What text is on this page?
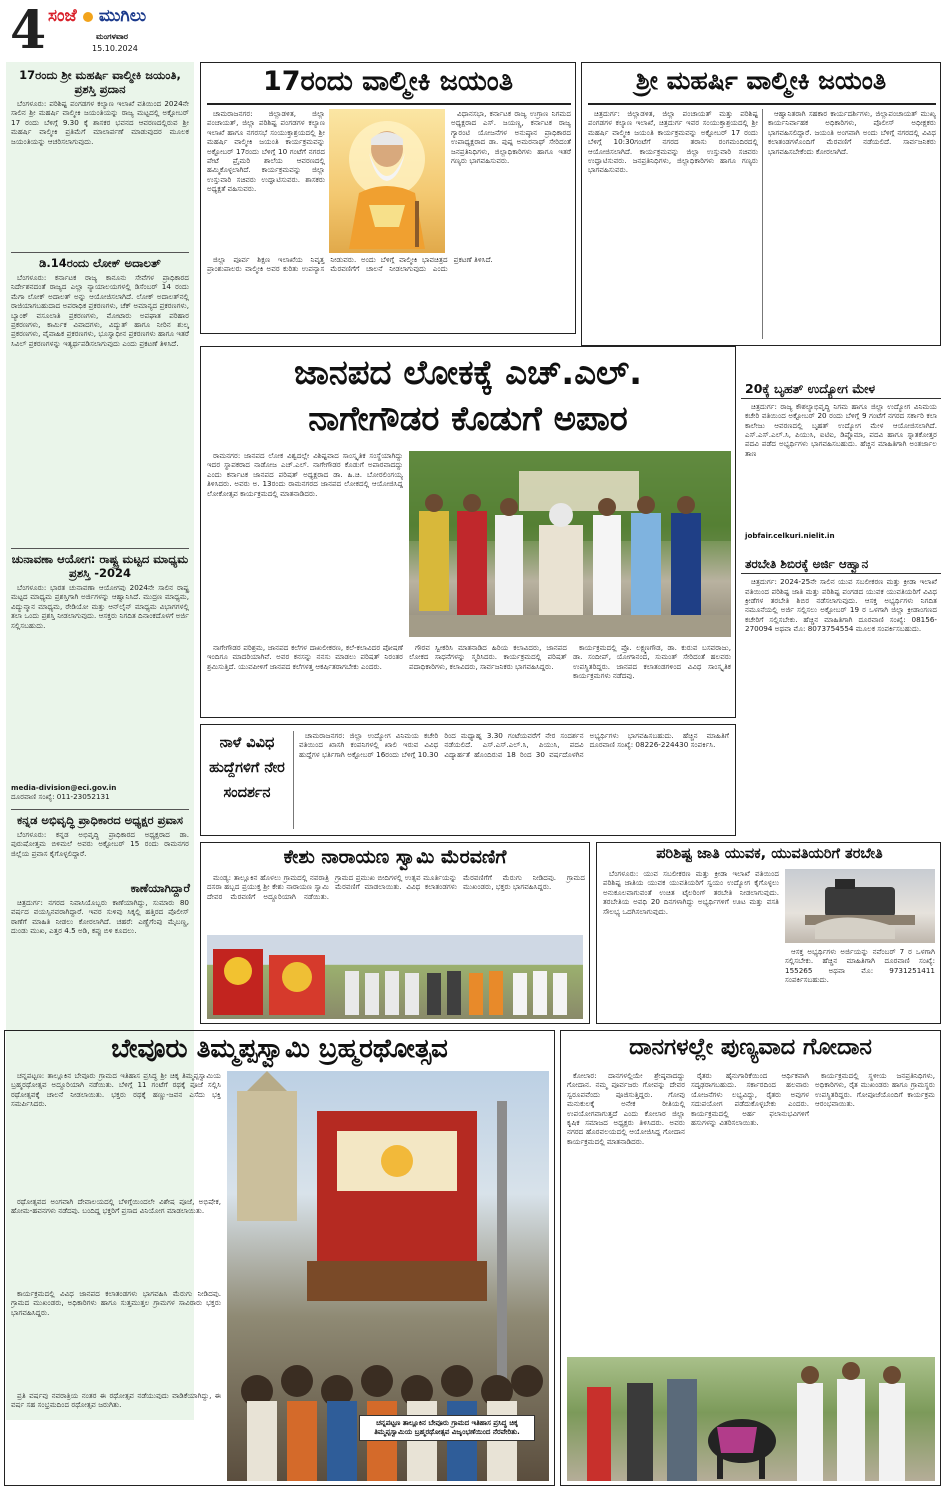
4 ಸಂಜೆ ಮುಗಿಲು
ಮಂಗಳವಾರ
15.10.2024
17ರಂದು ಶ್ರೀ ಮಹರ್ಷಿ ವಾಲ್ಮೀಕಿ ಜಯಂತಿ, ಪ್ರಶಸ್ತಿ ಪ್ರದಾನ

ಬೆಂಗಳೂರು: ಪರಿಶಿಷ್ಟ ಪಂಗಡಗಳ ಕಲ್ಯಾಣ ಇಲಾಖೆ ವತಿಯಿಂದ 2024ನೇ ಸಾಲಿನ ಶ್ರೀ ಮಹರ್ಷಿ ವಾಲ್ಮೀಕಿ ಜಯಂತಿಯನ್ನು ರಾಜ್ಯ ಮಟ್ಟದಲ್ಲಿ ಅಕ್ಟೋಬರ್ 17 ರಂದು ಬೆಳಿಗ್ಗೆ 9.30 ಕ್ಕೆ ಶಾಸಕರ ಭವನದ ಆವರಣದಲ್ಲಿರುವ ಶ್ರೀ ಮಹರ್ಷಿ ವಾಲ್ಮೀಕಿ ಪ್ರತಿಮೆಗೆ ಮಾಲಾರ್ಪಣೆ ಮಾಡುವುದರ ಮೂಲಕ ಜಯಂತಿಯನ್ನು ಆಚರಿಸಲಾಗುವುದು.

ಡಿ.14ರಂದು ಲೋಕ್ ಅದಾಲತ್

ಬೆಂಗಳೂರು: ಕರ್ನಾಟಕ ರಾಜ್ಯ ಕಾನೂನು ಸೇವೆಗಳ ಪ್ರಾಧಿಕಾರದ ನಿರ್ದೇಶನದಂತೆ ರಾಜ್ಯದ ಎಲ್ಲಾ ನ್ಯಾಯಾಲಯಗಳಲ್ಲಿ ಡಿಸೆಂಬರ್ 14 ರಂದು ಮೆಗಾ ಲೋಕ್ ಅದಾಲತ್ ಅನ್ನು ಆಯೋಜಿಸಲಾಗಿದೆ. ಲೋಕ್ ಅದಾಲತ್‌ನಲ್ಲಿ ರಾಜಿಯಾಗಬಹುದಾದ ಅಪರಾಧಿಕ ಪ್ರಕರಣಗಳು, ಚೆಕ್ ಅಮಾನ್ಯದ ಪ್ರಕರಣಗಳು, ಬ್ಯಾಂಕ್ ವಸೂಲಾತಿ ಪ್ರಕರಣಗಳು, ಮೋಟಾರು ಅಪಘಾತ ಪರಿಹಾರ ಪ್ರಕರಣಗಳು, ಕಾರ್ಮಿಕ ವಿವಾದಗಳು, ವಿದ್ಯುತ್ ಹಾಗೂ ನೀರಿನ ಶುಲ್ಕ ಪ್ರಕರಣಗಳು, ವೈವಾಹಿಕ ಪ್ರಕರಣಗಳು, ಭೂಸ್ವಾಧೀನ ಪ್ರಕರಣಗಳು ಹಾಗೂ ಇತರೆ ಸಿವಿಲ್ ಪ್ರಕರಣಗಳನ್ನು ಇತ್ಯರ್ಥಪಡಿಸಲಾಗುವುದು ಎಂದು ಪ್ರಕಟಣೆ ತಿಳಿಸಿದೆ.

ಚುನಾವಣಾ ಆಯೋಗ: ರಾಷ್ಟ್ರ ಮಟ್ಟದ ಮಾಧ್ಯಮ ಪ್ರಶಸ್ತಿ -2024

ಬೆಂಗಳೂರು: ಭಾರತ ಚುನಾವಣಾ ಆಯೋಗವು 2024ನೇ ಸಾಲಿನ ರಾಷ್ಟ್ರ ಮಟ್ಟದ ಮಾಧ್ಯಮ ಪ್ರಶಸ್ತಿಗಾಗಿ ಅರ್ಜಿಗಳನ್ನು ಆಹ್ವಾನಿಸಿದೆ. ಮುದ್ರಣ ಮಾಧ್ಯಮ, ವಿದ್ಯುನ್ಮಾನ ಮಾಧ್ಯಮ, ರೇಡಿಯೋ ಮತ್ತು ಆನ್‌ಲೈನ್ ಮಾಧ್ಯಮ ವಿಭಾಗಗಳಲ್ಲಿ ತಲಾ ಒಂದು ಪ್ರಶಸ್ತಿ ನೀಡಲಾಗುವುದು. ಆಸಕ್ತರು ನಿಗದಿತ ದಿನಾಂಕದೊಳಗೆ ಅರ್ಜಿ ಸಲ್ಲಿಸಬಹುದು.

media-division@eci.gov.in
ದೂರವಾಣಿ ಸಂಖ್ಯೆ: 011-23052131
ಕನ್ನಡ ಅಭಿವೃದ್ಧಿ ಪ್ರಾಧಿಕಾರದ ಅಧ್ಯಕ್ಷರ ಪ್ರವಾಸ

ಬೆಂಗಳೂರು: ಕನ್ನಡ ಅಭಿವೃದ್ಧಿ ಪ್ರಾಧಿಕಾರದ ಅಧ್ಯಕ್ಷರಾದ ಡಾ. ಪುರುಷೋತ್ತಮ ಬಿಳಿಮಲೆ ಅವರು ಅಕ್ಟೋಬರ್ 15 ರಂದು ರಾಮನಗರ ಜಿಲ್ಲೆಯ ಪ್ರವಾಸ ಕೈಗೊಳ್ಳಲಿದ್ದಾರೆ.

ಕಾಣೆಯಾಗಿದ್ದಾರೆ

ಚಿತ್ರದುರ್ಗ: ನಗರದ ನಿವಾಸಿಯೊಬ್ಬರು ಕಾಣೆಯಾಗಿದ್ದು, ಸುಮಾರು 80 ವರ್ಷದ ವಯಸ್ಸಿನವರಾಗಿದ್ದಾರೆ. ಇವರ ಸುಳಿವು ಸಿಕ್ಕಲ್ಲಿ ಹತ್ತಿರದ ಪೊಲೀಸ್ ಠಾಣೆಗೆ ಮಾಹಿತಿ ನೀಡಲು ಕೋರಲಾಗಿದೆ. ಚಹರೆ: ಎಣ್ಣೆಗೆಂಪು ಮೈಬಣ್ಣ, ದುಂಡು ಮುಖ, ಎತ್ತರ 4.5 ಅಡಿ, ಕಪ್ಪು ಬಿಳಿ ಕೂದಲು.

17ರಂದು ವಾಲ್ಮೀಕಿ ಜಯಂತಿ

ಚಾಮರಾಜನಗರ: ಜಿಲ್ಲಾಡಳಿತ, ಜಿಲ್ಲಾ ಪಂಚಾಯತ್, ಜಿಲ್ಲಾ ಪರಿಶಿಷ್ಟ ಪಂಗಡಗಳ ಕಲ್ಯಾಣ ಇಲಾಖೆ ಹಾಗೂ ನಗರಸಭೆ ಸಂಯುಕ್ತಾಶ್ರಯದಲ್ಲಿ ಶ್ರೀ ಮಹರ್ಷಿ ವಾಲ್ಮೀಕಿ ಜಯಂತಿ ಕಾರ್ಯಕ್ರಮವನ್ನು ಅಕ್ಟೋಬರ್ 17ರಂದು ಬೆಳಿಗ್ಗೆ 10 ಗಂಟೆಗೆ ನಗರದ ಪೇಟೆ ಪ್ರೈಮರಿ ಶಾಲೆಯ ಆವರಣದಲ್ಲಿ ಹಮ್ಮಿಕೊಳ್ಳಲಾಗಿದೆ. ಕಾರ್ಯಕ್ರಮವನ್ನು ಜಿಲ್ಲಾ ಉಸ್ತುವಾರಿ ಸಚಿವರು ಉದ್ಘಾಟಿಸುವರು. ಶಾಸಕರು ಅಧ್ಯಕ್ಷತೆ ವಹಿಸುವರು.

ವಿಧಾನಸಭಾ, ಕರ್ನಾಟಕ ರಾಜ್ಯ ಉಗ್ರಾಣ ನಿಗಮದ ಅಧ್ಯಕ್ಷರಾದ ಎಸ್. ಜಯಣ್ಣ, ಕರ್ನಾಟಕ ರಾಜ್ಯ ಗ್ಯಾರಂಟಿ ಯೋಜನೆಗಳ ಅನುಷ್ಠಾನ ಪ್ರಾಧಿಕಾರದ ಉಪಾಧ್ಯಕ್ಷರಾದ ಡಾ. ಪುಷ್ಪ ಅಮರನಾಥ್ ಸೇರಿದಂತೆ ಜನಪ್ರತಿನಿಧಿಗಳು, ಜಿಲ್ಲಾಧಿಕಾರಿಗಳು ಹಾಗೂ ಇತರೆ ಗಣ್ಯರು ಭಾಗವಹಿಸುವರು.

ಜಿಲ್ಲಾ ಪೂರ್ವ ಶಿಕ್ಷಣ ಇಲಾಖೆಯ ನಿವೃತ್ತ ಪ್ರಾಂಶುಪಾಲರು ವಾಲ್ಮೀಕಿ ಅವರ ಕುರಿತು ಉಪನ್ಯಾಸ ನೀಡುವರು. ಅಂದು ಬೆಳಿಗ್ಗೆ ವಾಲ್ಮೀಕಿ ಭಾವಚಿತ್ರದ ಮೆರವಣಿಗೆಗೆ ಚಾಲನೆ ನೀಡಲಾಗುವುದು ಎಂದು ಪ್ರಕಟಣೆ ತಿಳಿಸಿದೆ.

ಶ್ರೀ ಮಹರ್ಷಿ ವಾಲ್ಮೀಕಿ ಜಯಂತಿ

ಚಿತ್ರದುರ್ಗ: ಜಿಲ್ಲಾಡಳಿತ, ಜಿಲ್ಲಾ ಪಂಚಾಯತ್ ಮತ್ತು ಪರಿಶಿಷ್ಟ ಪಂಗಡಗಳ ಕಲ್ಯಾಣ ಇಲಾಖೆ, ಚಿತ್ರದುರ್ಗ ಇವರ ಸಂಯುಕ್ತಾಶ್ರಯದಲ್ಲಿ ಶ್ರೀ ಮಹರ್ಷಿ ವಾಲ್ಮೀಕಿ ಜಯಂತಿ ಕಾರ್ಯಕ್ರಮವನ್ನು ಅಕ್ಟೋಬರ್ 17 ರಂದು ಬೆಳಿಗ್ಗೆ 10:30ಗಂಟೆಗೆ ನಗರದ ತರಾಸು ರಂಗಮಂದಿರದಲ್ಲಿ ಆಯೋಜಿಸಲಾಗಿದೆ. ಕಾರ್ಯಕ್ರಮವನ್ನು ಜಿಲ್ಲಾ ಉಸ್ತುವಾರಿ ಸಚಿವರು ಉದ್ಘಾಟಿಸುವರು. ಜನಪ್ರತಿನಿಧಿಗಳು, ಜಿಲ್ಲಾಧಿಕಾರಿಗಳು ಹಾಗೂ ಗಣ್ಯರು ಭಾಗವಹಿಸುವರು.

ಆಹ್ವಾನಿತರಾಗಿ ಸಹಕಾರ ಕಾರ್ಯದರ್ಶಿಗಳು, ಜಿಲ್ಲಾಪಂಚಾಯತ್ ಮುಖ್ಯ ಕಾರ್ಯನಿರ್ವಾಹಕ ಅಧಿಕಾರಿಗಳು, ಪೊಲೀಸ್ ಅಧೀಕ್ಷಕರು ಭಾಗವಹಿಸಲಿದ್ದಾರೆ. ಜಯಂತಿ ಅಂಗವಾಗಿ ಅಂದು ಬೆಳಿಗ್ಗೆ ನಗರದಲ್ಲಿ ವಿವಿಧ ಕಲಾತಂಡಗಳೊಂದಿಗೆ ಮೆರವಣಿಗೆ ನಡೆಯಲಿದೆ. ಸಾರ್ವಜನಿಕರು ಭಾಗವಹಿಸಬೇಕೆಂದು ಕೋರಲಾಗಿದೆ.

ಜಾನಪದ ಲೋಕಕ್ಕೆ ಎಚ್.ಎಲ್.
ನಾಗೇಗೌಡರ ಕೊಡುಗೆ ಅಪಾರ

ರಾಮನಗರ: ಜಾನಪದ ಲೋಕ ವಿಶ್ವದಲ್ಲೇ ವಿಶಿಷ್ಟವಾದ ಸಾಂಸ್ಕೃತಿಕ ಸಂಸ್ಥೆಯಾಗಿದ್ದು ಇದರ ಸ್ಥಾಪಕರಾದ ನಾಡೋಜ ಎಚ್.ಎಲ್. ನಾಗೇಗೌಡರ ಕೊಡುಗೆ ಅಪಾರವಾದದ್ದು ಎಂದು ಕರ್ನಾಟಕ ಜಾನಪದ ಪರಿಷತ್ ಅಧ್ಯಕ್ಷರಾದ ಡಾ. ಹಿ.ಚಿ. ಬೋರಲಿಂಗಯ್ಯ ತಿಳಿಸಿದರು. ಅವರು ಅ. 13ರಂದು ರಾಮನಗರದ ಜಾನಪದ ಲೋಕದಲ್ಲಿ ಆಯೋಜಿಸಿದ್ದ ಲೋಕೋತ್ಸವ ಕಾರ್ಯಕ್ರಮದಲ್ಲಿ ಮಾತನಾಡಿದರು.

ನಾಗೇಗೌಡರ ಪರಿಶ್ರಮ, ಜಾನಪದ ಕಲೆಗಳ ದಾಖಲೀಕರಣ, ಕಲೆ-ಕಲಾವಿದರ ಪೋಷಣೆ ಇಂದಿಗೂ ಮಾದರಿಯಾಗಿವೆ. ಅವರ ಕನಸನ್ನು ನನಸು ಮಾಡಲು ಪರಿಷತ್ ನಿರಂತರ ಶ್ರಮಿಸುತ್ತಿದೆ. ಯುವಪೀಳಿಗೆ ಜಾನಪದ ಕಲೆಗಳತ್ತ ಆಕರ್ಷಿತರಾಗಬೇಕು ಎಂದರು.

ಗೌರವ ಸ್ವೀಕರಿಸಿ ಮಾತನಾಡಿದ ಹಿರಿಯ ಕಲಾವಿದರು, ಜಾನಪದ ಲೋಕದ ಸಾಧನೆಗಳನ್ನು ಸ್ಮರಿಸಿದರು. ಕಾರ್ಯಕ್ರಮದಲ್ಲಿ ಪರಿಷತ್ ಪದಾಧಿಕಾರಿಗಳು, ಕಲಾವಿದರು, ಸಾರ್ವಜನಿಕರು ಭಾಗವಹಿಸಿದ್ದರು.

ಕಾರ್ಯಕ್ರಮದಲ್ಲಿ ಪ್ರೊ. ಲಕ್ಷ್ಮಣಗೌಡ, ಡಾ. ಕುರುವ ಬಸವರಾಜು, ಡಾ. ಸಂದೀಪ್, ಯೋಗಾನಂದ, ಸುಮಂತ್ ಸೇರಿದಂತೆ ಹಲವರು ಉಪಸ್ಥಿತರಿದ್ದರು. ಜಾನಪದ ಕಲಾತಂಡಗಳಿಂದ ವಿವಿಧ ಸಾಂಸ್ಕೃತಿಕ ಕಾರ್ಯಕ್ರಮಗಳು ನಡೆದವು.

20ಕ್ಕೆ ಬೃಹತ್ ಉದ್ಯೋಗ ಮೇಳ

ಚಿತ್ರದುರ್ಗ: ರಾಜ್ಯ ಕೌಶಲ್ಯಾಭಿವೃದ್ಧಿ ನಿಗಮ ಹಾಗೂ ಜಿಲ್ಲಾ ಉದ್ಯೋಗ ವಿನಿಮಯ ಕಚೇರಿ ವತಿಯಿಂದ ಅಕ್ಟೋಬರ್ 20 ರಂದು ಬೆಳಿಗ್ಗೆ 9 ಗಂಟೆಗೆ ನಗರದ ಸರ್ಕಾರಿ ಕಲಾ ಕಾಲೇಜು ಆವರಣದಲ್ಲಿ ಬೃಹತ್ ಉದ್ಯೋಗ ಮೇಳ ಆಯೋಜಿಸಲಾಗಿದೆ. ಎಸ್.ಎಸ್.ಎಲ್.ಸಿ, ಪಿಯುಸಿ, ಐಟಿಐ, ಡಿಪ್ಲೊಮಾ, ಪದವಿ ಹಾಗೂ ಸ್ನಾತಕೋತ್ತರ ಪದವಿ ಪಡೆದ ಅಭ್ಯರ್ಥಿಗಳು ಭಾಗವಹಿಸಬಹುದು. ಹೆಚ್ಚಿನ ಮಾಹಿತಿಗಾಗಿ ಅಂತರ್ಜಾಲ ತಾಣ

jobfair.celkuri.nielit.in
ತರಬೇತಿ ಶಿಬಿರಕ್ಕೆ ಅರ್ಜಿ ಆಹ್ವಾನ

ಚಿತ್ರದುರ್ಗ: 2024-25ನೇ ಸಾಲಿನ ಯುವ ಸಬಲೀಕರಣ ಮತ್ತು ಕ್ರೀಡಾ ಇಲಾಖೆ ವತಿಯಿಂದ ಪರಿಶಿಷ್ಟ ಜಾತಿ ಮತ್ತು ಪರಿಶಿಷ್ಟ ಪಂಗಡದ ಯುವಕ ಯುವತಿಯರಿಗೆ ವಿವಿಧ ಕ್ರೀಡೆಗಳ ತರಬೇತಿ ಶಿಬಿರ ನಡೆಸಲಾಗುವುದು. ಆಸಕ್ತ ಅಭ್ಯರ್ಥಿಗಳು ನಿಗದಿತ ನಮೂನೆಯಲ್ಲಿ ಅರ್ಜಿ ಸಲ್ಲಿಸಲು ಅಕ್ಟೋಬರ್ 19 ರ ಒಳಗಾಗಿ ಜಿಲ್ಲಾ ಕ್ರೀಡಾಂಗಣದ ಕಚೇರಿಗೆ ಸಲ್ಲಿಸಬೇಕು. ಹೆಚ್ಚಿನ ಮಾಹಿತಿಗಾಗಿ ದೂರವಾಣಿ ಸಂಖ್ಯೆ: 08156-270094 ಅಥವಾ ಮೊ: 8073754554 ಮೂಲಕ ಸಂಪರ್ಕಿಸಬಹುದು.

ನಾಳೆ ವಿವಿಧ ಹುದ್ದೆಗಳಿಗೆ ನೇರ ಸಂದರ್ಶನ

ಚಾಮರಾಜನಗರ: ಜಿಲ್ಲಾ ಉದ್ಯೋಗ ವಿನಿಮಯ ಕಚೇರಿ ವತಿಯಿಂದ ಖಾಸಗಿ ಕಂಪನಿಗಳಲ್ಲಿ ಖಾಲಿ ಇರುವ ವಿವಿಧ ಹುದ್ದೆಗಳ ಭರ್ತಿಗಾಗಿ ಅಕ್ಟೋಬರ್ 16ರಂದು ಬೆಳಿಗ್ಗೆ 10.30 ರಿಂದ ಮಧ್ಯಾಹ್ನ 3.30 ಗಂಟೆಯವರೆಗೆ ನೇರ ಸಂದರ್ಶನ ನಡೆಯಲಿದೆ. ಎಸ್.ಎಸ್.ಎಲ್.ಸಿ, ಪಿಯುಸಿ, ಪದವಿ ವಿದ್ಯಾರ್ಹತೆ ಹೊಂದಿರುವ 18 ರಿಂದ 30 ವರ್ಷದೊಳಗಿನ ಅಭ್ಯರ್ಥಿಗಳು ಭಾಗವಹಿಸಬಹುದು. ಹೆಚ್ಚಿನ ಮಾಹಿತಿಗೆ ದೂರವಾಣಿ ಸಂಖ್ಯೆ: 08226-224430 ಸಂಪರ್ಕಿಸಿ.

ಕೇಶು ನಾರಾಯಣ ಸ್ವಾಮಿ ಮೆರವಣಿಗೆ

ಮಂಡ್ಯ: ತಾಲ್ಲೂಕಿನ ಹೊಳಲು ಗ್ರಾಮದಲ್ಲಿ ನವರಾತ್ರಿ ದಸರಾ ಹಬ್ಬದ ಪ್ರಯುಕ್ತ ಶ್ರೀ ಕೇಶು ನಾರಾಯಣ ಸ್ವಾಮಿ ದೇವರ ಮೆರವಣಿಗೆ ಅದ್ದೂರಿಯಾಗಿ ನಡೆಯಿತು. ಗ್ರಾಮದ ಪ್ರಮುಖ ಬೀದಿಗಳಲ್ಲಿ ಉತ್ಸವ ಮೂರ್ತಿಯನ್ನು ಮೆರವಣಿಗೆ ಮಾಡಲಾಯಿತು. ವಿವಿಧ ಕಲಾತಂಡಗಳು ಮೆರವಣಿಗೆಗೆ ಮೆರುಗು ನೀಡಿದವು. ಗ್ರಾಮದ ಮುಖಂಡರು, ಭಕ್ತರು ಭಾಗವಹಿಸಿದ್ದರು.

ಪರಿಶಿಷ್ಟ ಜಾತಿ ಯುವಕ, ಯುವತಿಯರಿಗೆ ತರಬೇತಿ

ಬೆಂಗಳೂರು: ಯುವ ಸಬಲೀಕರಣ ಮತ್ತು ಕ್ರೀಡಾ ಇಲಾಖೆ ವತಿಯಿಂದ ಪರಿಶಿಷ್ಟ ಜಾತಿಯ ಯುವಕ ಯುವತಿಯರಿಗೆ ಸ್ವಯಂ ಉದ್ಯೋಗ ಕೈಗೊಳ್ಳಲು ಅನುಕೂಲವಾಗುವಂತೆ ಉಚಿತ ಟೈಲರಿಂಗ್ ತರಬೇತಿ ನೀಡಲಾಗುವುದು. ತರಬೇತಿಯ ಅವಧಿ 20 ದಿನಗಳಾಗಿದ್ದು ಅಭ್ಯರ್ಥಿಗಳಿಗೆ ಊಟ ಮತ್ತು ವಸತಿ ಸೌಲಭ್ಯ ಒದಗಿಸಲಾಗುವುದು.

ಆಸಕ್ತ ಅಭ್ಯರ್ಥಿಗಳು ಅರ್ಜಿಯನ್ನು ನವೆಂಬರ್ 7 ರ ಒಳಗಾಗಿ ಸಲ್ಲಿಸಬೇಕು. ಹೆಚ್ಚಿನ ಮಾಹಿತಿಗಾಗಿ ದೂರವಾಣಿ ಸಂಖ್ಯೆ: 155265 ಅಥವಾ ಮೊ: 9731251411 ಸಂಪರ್ಕಿಸಬಹುದು.

ಬೇವೂರು ತಿಮ್ಮಪ್ಪಸ್ವಾಮಿ ಬ್ರಹ್ಮರಥೋತ್ಸವ

ಚನ್ನಪಟ್ಟಣ: ತಾಲ್ಲೂಕಿನ ಬೇವೂರು ಗ್ರಾಮದ ಇತಿಹಾಸ ಪ್ರಸಿದ್ಧ ಶ್ರೀ ಚಿಕ್ಕ ತಿಮ್ಮಪ್ಪಸ್ವಾಮಿಯ ಬ್ರಹ್ಮರಥೋತ್ಸವ ಅದ್ದೂರಿಯಾಗಿ ನಡೆಯಿತು. ಬೆಳಿಗ್ಗೆ 11 ಗಂಟೆಗೆ ರಥಕ್ಕೆ ಪೂಜೆ ಸಲ್ಲಿಸಿ ರಥೋತ್ಸವಕ್ಕೆ ಚಾಲನೆ ನೀಡಲಾಯಿತು. ಭಕ್ತರು ರಥಕ್ಕೆ ಹಣ್ಣು-ಜವನ ಎಸೆದು ಭಕ್ತಿ ಸಮರ್ಪಿಸಿದರು.

ರಥೋತ್ಸವದ ಅಂಗವಾಗಿ ದೇವಾಲಯದಲ್ಲಿ ಬೆಳಿಗ್ಗೆಯಿಂದಲೇ ವಿಶೇಷ ಪೂಜೆ, ಅಭಿಷೇಕ, ಹೋಮ-ಹವನಗಳು ನಡೆದವು. ಬಂದಿದ್ದ ಭಕ್ತರಿಗೆ ಪ್ರಸಾದ ವಿನಿಯೋಗ ಮಾಡಲಾಯಿತು.

ಕಾರ್ಯಕ್ರಮದಲ್ಲಿ ವಿವಿಧ ಜಾನಪದ ಕಲಾತಂಡಗಳು ಭಾಗವಹಿಸಿ ಮೆರುಗು ನೀಡಿದವು. ಗ್ರಾಮದ ಮುಖಂಡರು, ಅಧಿಕಾರಿಗಳು ಹಾಗೂ ಸುತ್ತಮುತ್ತಲ ಗ್ರಾಮಗಳ ಸಾವಿರಾರು ಭಕ್ತರು ಭಾಗವಹಿಸಿದ್ದರು.

ಪ್ರತಿ ವರ್ಷವು ನವರಾತ್ರಿಯ ನಂತರ ಈ ರಥೋತ್ಸವ ನಡೆಯುವುದು ವಾಡಿಕೆಯಾಗಿದ್ದು, ಈ ವರ್ಷ ಸಹ ಸಂಭ್ರಮದಿಂದ ರಥೋತ್ಸವ ಜರುಗಿತು.

ಚನ್ನಪಟ್ಟಣ ತಾಲ್ಲೂಕಿನ ಬೇವೂರು ಗ್ರಾಮದ ಇತಿಹಾಸ ಪ್ರಸಿದ್ಧ ಚಿಕ್ಕ ತಿಮ್ಮಪ್ಪಸ್ವಾಮಿಯ ಬ್ರಹ್ಮರಥೋತ್ಸವ ವಿಜೃಂಭಣೆಯಿಂದ ನೆರವೇರಿತು.
ದಾನಗಳಲ್ಲೇ ಪುಣ್ಯವಾದ ಗೋದಾನ

ಕೋಲಾರ: ದಾನಗಳಲ್ಲಿಯೇ ಶ್ರೇಷ್ಠವಾದದ್ದು ಗೋದಾನ. ನಮ್ಮ ಪೂರ್ವಜರು ಗೋವನ್ನು ದೇವರ ಸ್ವರೂಪವೆಂದು ಪೂಜಿಸುತ್ತಿದ್ದರು. ಗೋವು ಮನುಕುಲಕ್ಕೆ ಅನೇಕ ರೀತಿಯಲ್ಲಿ ಉಪಯೋಗವಾಗುತ್ತದೆ ಎಂದು ಕೋಲಾರ ಜಿಲ್ಲಾ ಕೃಷಿಕ ಸಮಾಜದ ಅಧ್ಯಕ್ಷರು ತಿಳಿಸಿದರು. ಅವರು ನಗರದ ಹೊರವಲಯದಲ್ಲಿ ಆಯೋಜಿಸಿದ್ದ ಗೋದಾನ ಕಾರ್ಯಕ್ರಮದಲ್ಲಿ ಮಾತನಾಡಿದರು.

ರೈತರು ಹೈನುಗಾರಿಕೆಯಿಂದ ಆರ್ಥಿಕವಾಗಿ ಸದೃಢರಾಗಬಹುದು. ಸರ್ಕಾರದಿಂದ ಹಲವಾರು ಯೋಜನೆಗಳು ಲಭ್ಯವಿದ್ದು, ರೈತರು ಅವುಗಳ ಸದುಪಯೋಗ ಪಡೆದುಕೊಳ್ಳಬೇಕು ಎಂದರು. ಕಾರ್ಯಕ್ರಮದಲ್ಲಿ ಅರ್ಹ ಫಲಾನುಭವಿಗಳಿಗೆ ಹಸುಗಳನ್ನು ವಿತರಿಸಲಾಯಿತು.

ಕಾರ್ಯಕ್ರಮದಲ್ಲಿ ಸ್ಥಳೀಯ ಜನಪ್ರತಿನಿಧಿಗಳು, ಅಧಿಕಾರಿಗಳು, ರೈತ ಮುಖಂಡರು ಹಾಗೂ ಗ್ರಾಮಸ್ಥರು ಉಪಸ್ಥಿತರಿದ್ದರು. ಗೋಪೂಜೆಯೊಂದಿಗೆ ಕಾರ್ಯಕ್ರಮ ಆರಂಭವಾಯಿತು.
